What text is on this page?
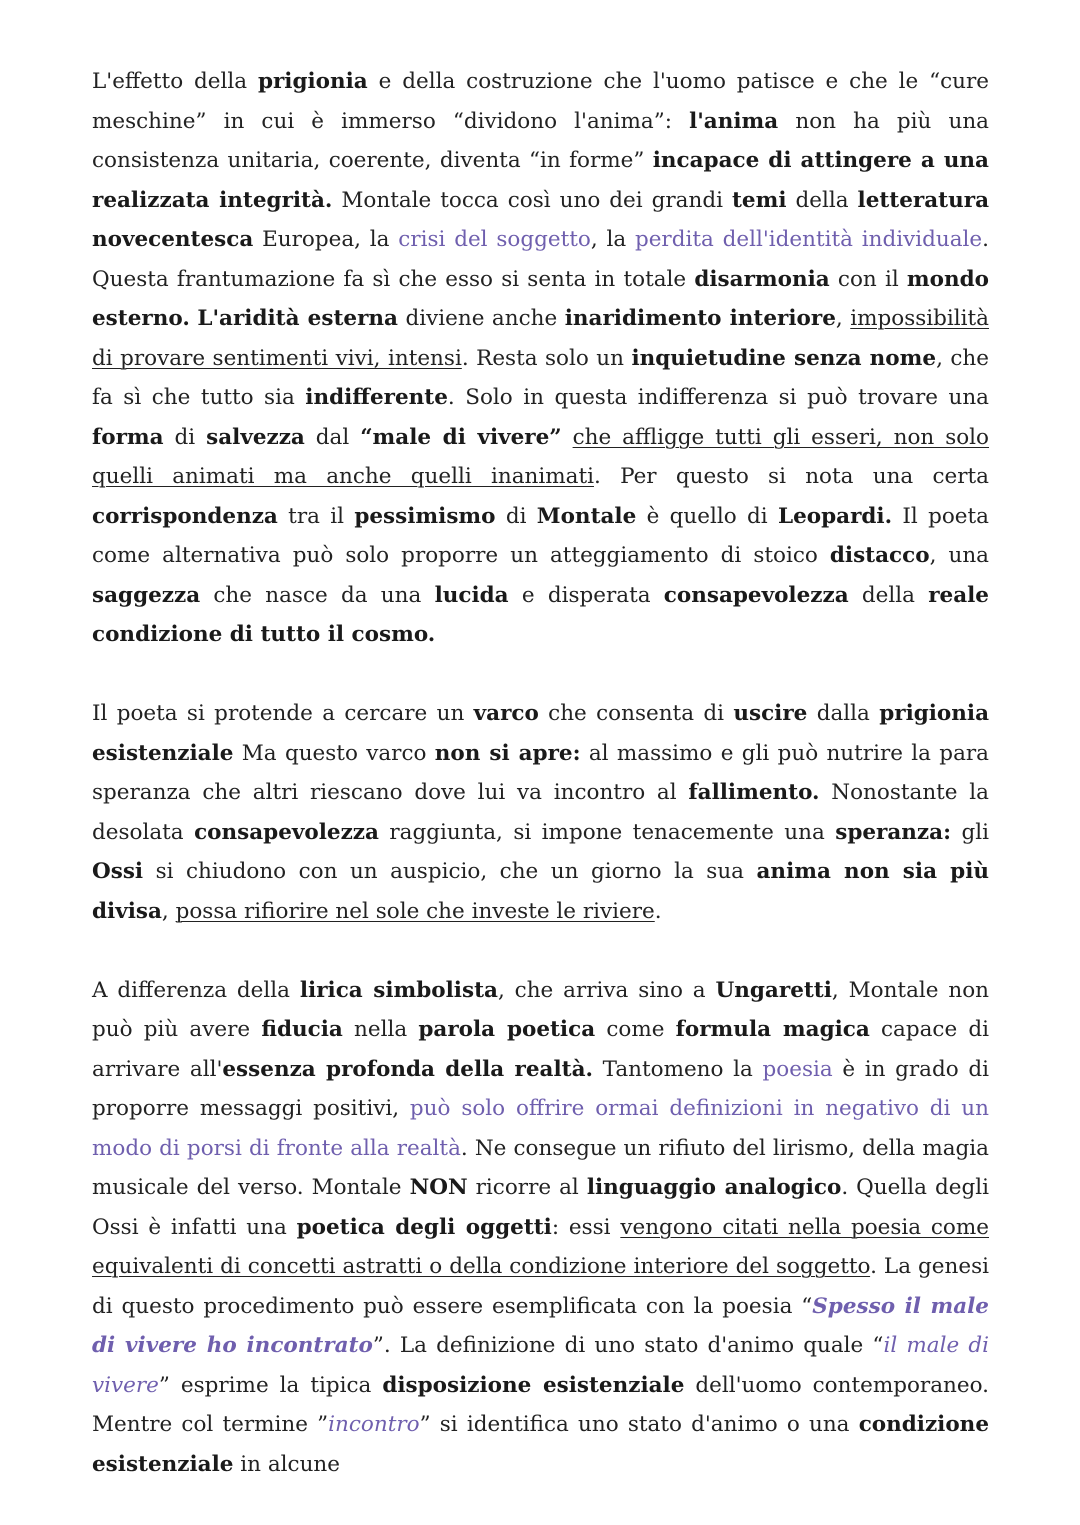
L'effetto della prigionia e della costruzione che l'uomo patisce e che le “cure meschine” in cui è immerso “dividono l'anima”: l'anima non ha più una consistenza unitaria, coerente, diventa “in forme” incapace di attingere a una realizzata integrità. Montale tocca così uno dei grandi temi della letteratura novecentesca Europea, la crisi del soggetto, la perdita dell'identità individuale. Questa frantumazione fa sì che esso si senta in totale disarmonia con il mondo esterno. L'aridità esterna diviene anche inaridimento interiore, impossibilità di provare sentimenti vivi, intensi. Resta solo un inquietudine senza nome, che fa sì che tutto sia indifferente. Solo in questa indifferenza si può trovare una forma di salvezza dal “male di vivere” che affligge tutti gli esseri, non solo quelli animati ma anche quelli inanimati. Per questo si nota una certa corrispondenza tra il pessimismo di Montale è quello di Leopardi. Il poeta come alternativa può solo proporre un atteggiamento di stoico distacco, una saggezza che nasce da una lucida e disperata consapevolezza della reale condizione di tutto il cosmo.

Il poeta si protende a cercare un varco che consenta di uscire dalla prigionia esistenziale Ma questo varco non si apre: al massimo e gli può nutrire la para speranza che altri riescano dove lui va incontro al fallimento. Nonostante la desolata consapevolezza raggiunta, si impone tenacemente una speranza: gli Ossi si chiudono con un auspicio, che un giorno la sua anima non sia più divisa, possa rifiorire nel sole che investe le riviere.

A differenza della lirica simbolista, che arriva sino a Ungaretti, Montale non può più avere fiducia nella parola poetica come formula magica capace di arrivare all'essenza profonda della realtà. Tantomeno la poesia è in grado di proporre messaggi positivi, può solo offrire ormai definizioni in negativo di un modo di porsi di fronte alla realtà. Ne consegue un rifiuto del lirismo, della magia musicale del verso. Montale NON ricorre al linguaggio analogico. Quella degli Ossi è infatti una poetica degli oggetti: essi vengono citati nella poesia come equivalenti di concetti astratti o della condizione interiore del soggetto. La genesi di questo procedimento può essere esemplificata con la poesia “Spesso il male di vivere ho incontrato”. La definizione di uno stato d'animo quale “il male di vivere” esprime la tipica disposizione esistenziale dell'uomo contemporaneo. Mentre col termine ”incontro” si identifica uno stato d'animo o una condizione esistenziale in alcune
